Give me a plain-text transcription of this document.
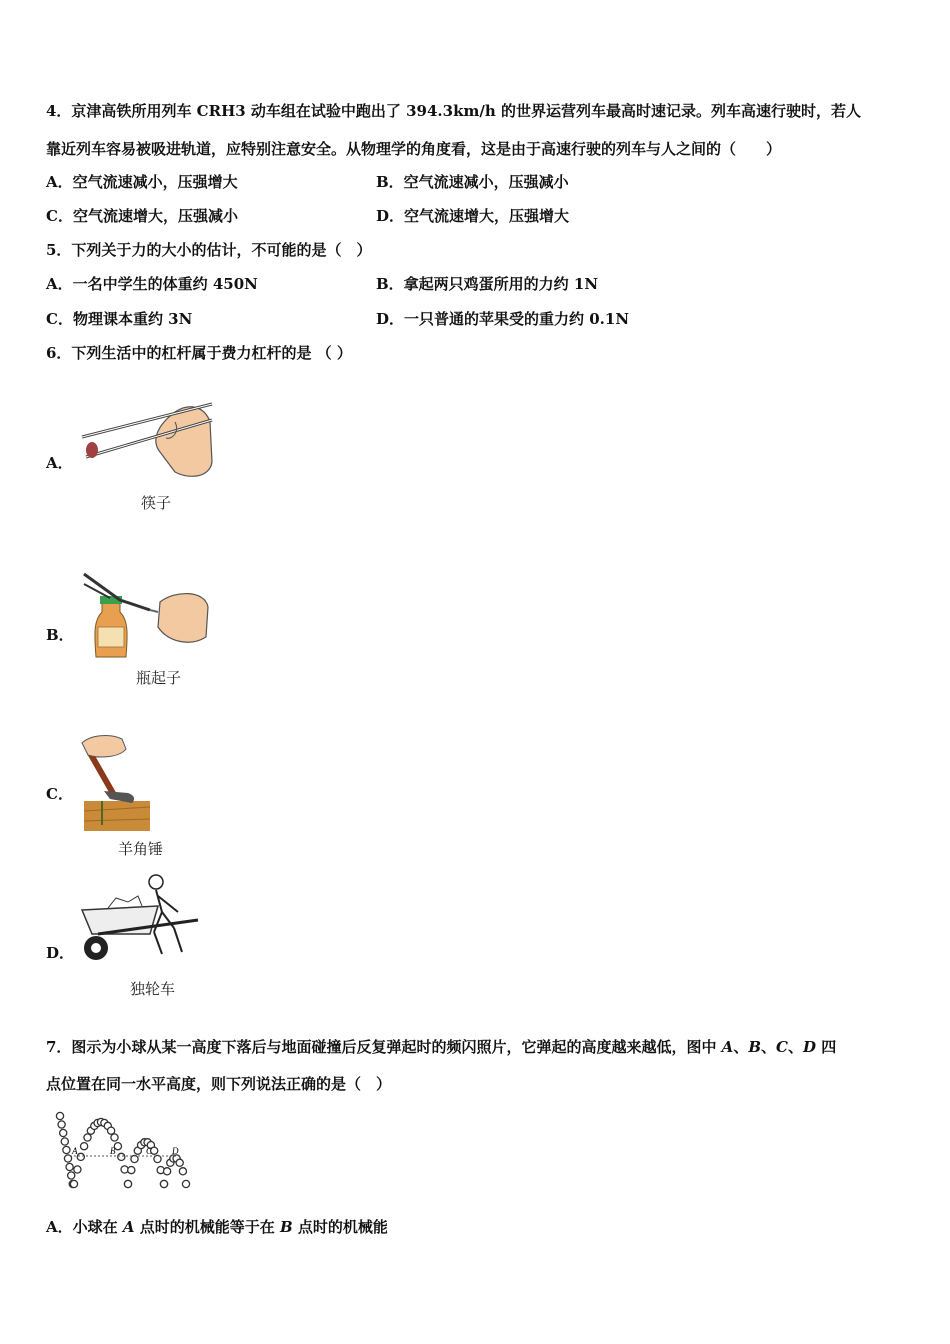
4．京津高铁所用列车 CRH3 动车组在试验中跑出了 394.3km/h 的世界运营列车最高时速记录。列车高速行驶时，若人
靠近列车容易被吸进轨道，应特别注意安全。从物理学的角度看，这是由于高速行驶的列车与人之间的（　　）
A．空气流速减小，压强增大	B．空气流速减小，压强减小
C．空气流速增大，压强减小	D．空气流速增大，压强增大
5．下列关于力的大小的估计，不可能的是（　）
A．一名中学生的体重约 450N	B．拿起两只鸡蛋所用的力约 1N
C．物理课本重约 3N	D．一只普通的苹果受的重力约 0.1N
6．下列生活中的杠杆属于费力杠杆的是 （ ）
A．
筷子
B．
瓶起子
C．
羊角锤
D．
独轮车
7．图示为小球从某一高度下落后与地面碰撞后反复弹起时的频闪照片，它弹起的高度越来越低，图中 A、B、C、D 四
点位置在同一水平高度，则下列说法正确的是（　）
A	B	C D
A．小球在 A 点时的机械能等于在 B 点时的机械能
